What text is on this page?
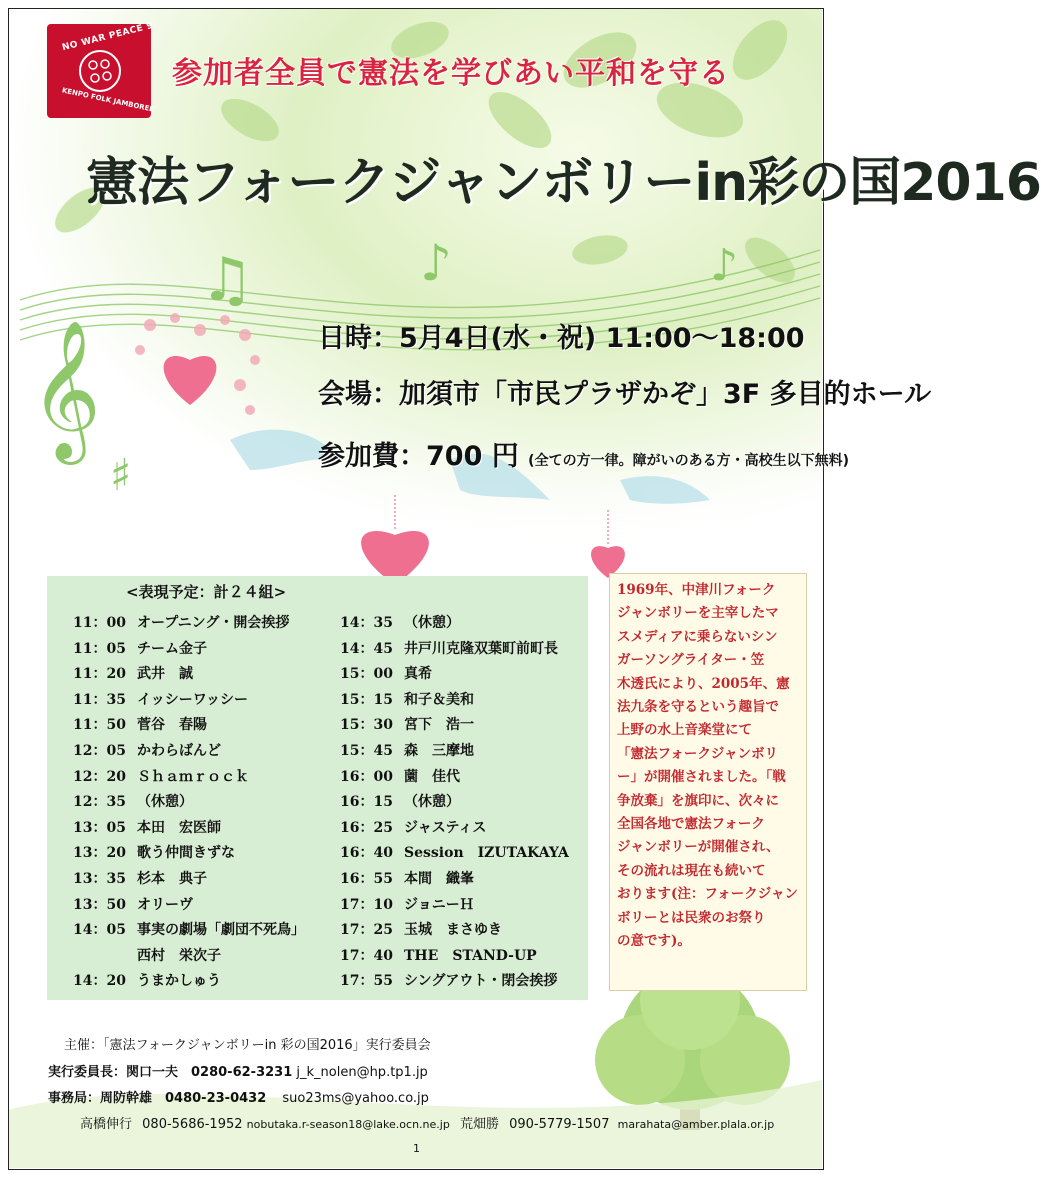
𝄞
♫	♪	♪
♯
NO WAR PEACE 9
KENPO FOLK JAMBOREE
参加者全員で憲法を学びあい平和を守る
憲法フォークジャンボリーin彩の国2016
日時：5月4日(水・祝) 11:00～18:00
会場：加須市「市民プラザかぞ」3F 多目的ホール
参加費：700 円 (全ての方一律。障がいのある方・高校生以下無料)
<表現予定：計２４組>
11：00 オープニング・開会挨拶
11：05 チーム金子
11：20 武井　誠
11：35 イッシーワッシー
11：50 菅谷　春陽
12：05 かわらばんど
12：20 Ｓｈａｍｒｏｃｋ
12：35 （休憩）
13：05 本田　宏医師
13：20 歌う仲間きずな
13：35 杉本　典子
13：50 オリーヴ
14：05 事実の劇場「劇団不死鳥」
西村　栄次子
14：20 うまかしゅう
14：35 （休憩）
14：45 井戸川克隆双葉町前町長
15：00 真希
15：15 和子＆美和
15：30 宮下　浩一
15：45 森　三摩地
16：00 薗　佳代
16：15 （休憩）
16：25 ジャスティス
16：40 Session　IZUTAKAYA
16：55 本間　織峯
17：10 ジョニーＨ
17：25 玉城　まさゆき
17：40 THE　STAND-UP
17：55 シングアウト・閉会挨拶
1969年、中津川フォーク
ジャンボリーを主宰したマ
スメディアに乗らないシン
ガーソングライター・笠
木透氏により、2005年、憲
法九条を守るという趣旨で
上野の水上音楽堂にて
「憲法フォークジャンボリ
ー」が開催されました。「戦
争放棄」を旗印に、次々に
全国各地で憲法フォーク
ジャンボリーが開催され、
その流れは現在も続いて
おります(注：フォークジャン
ボリーとは民衆のお祭り
の意です)。
主催：「憲法フォークジャンボリーin 彩の国2016」実行委員会
実行委員長：関口一夫　0280-62-3231 j_k_nolen@hp.tp1.jp
事務局：周防幹雄　0480-23-0432 suo23ms@yahoo.co.jp
高橋伸行 080-5686-1952 nobutaka.r-season18@lake.ocn.ne.jp 荒畑勝 090-5779-1507 marahata@amber.plala.or.jp
1
